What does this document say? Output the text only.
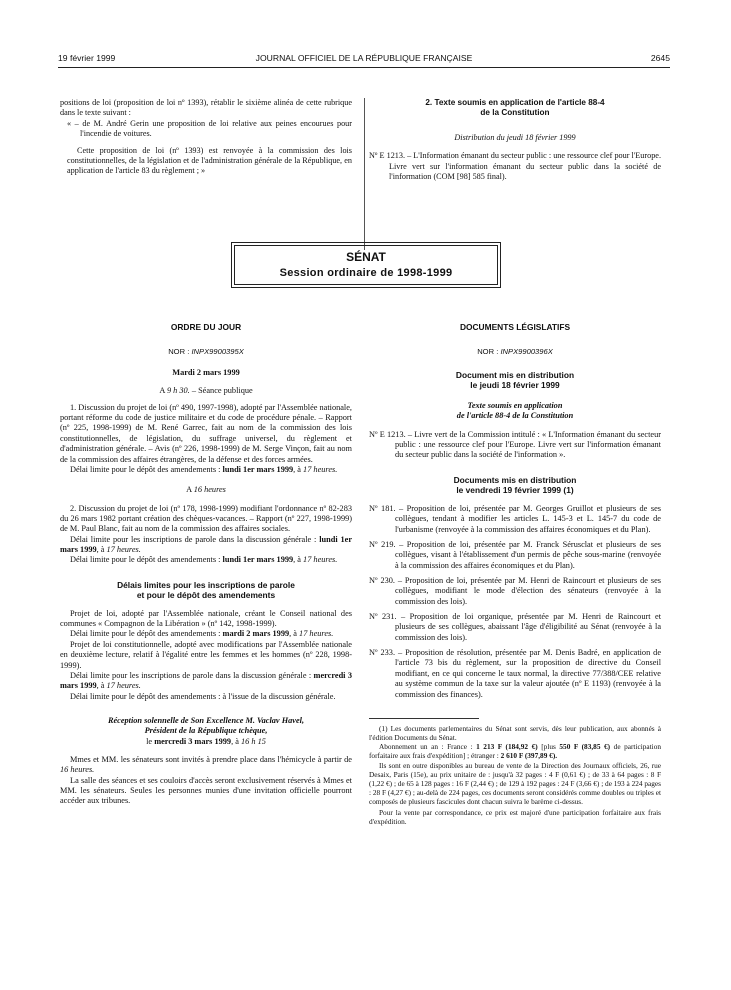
19 février 1999	JOURNAL OFFICIEL DE LA RÉPUBLIQUE FRANÇAISE	2645

positions de loi (proposition de loi nº 1393), rétablir le sixième alinéa de cette rubrique dans le texte suivant :

« – de M. André Gerin une proposition de loi relative aux peines encourues pour l'incendie de voitures.

Cette proposition de loi (nº 1393) est renvoyée à la commission des lois constitutionnelles, de la législation et de l'administration générale de la République, en application de l'article 83 du règlement ; »

2. Texte soumis en application de l'article 88-4
de la Constitution

Distribution du jeudi 18 février 1999

Nº E 1213. – L'Information émanant du secteur public : une ressource clef pour l'Europe. Livre vert sur l'information émanant du secteur public dans la société de l'information (COM [98] 585 final).

SÉNAT
Session ordinaire de 1998-1999
ORDRE DU JOUR
NOR : INPX9900395X
Mardi 2 mars 1999
A 9 h 30. – Séance publique

1. Discussion du projet de loi (nº 490, 1997-1998), adopté par l'Assemblée nationale, portant réforme du code de justice militaire et du code de procédure pénale. – Rapport (nº 225, 1998-1999) de M. René Garrec, fait au nom de la commission des lois constitutionnelles, de législation, du suffrage universel, du règlement et d'administration générale. – Avis (nº 226, 1998-1999) de M. Serge Vinçon, fait au nom de la commission des affaires étrangères, de la défense et des forces armées.

Délai limite pour le dépôt des amendements : lundi 1er mars 1999, à 17 heures.

A 16 heures

2. Discussion du projet de loi (nº 178, 1998-1999) modifiant l'ordonnance nº 82-283 du 26 mars 1982 portant création des chèques-vacances. – Rapport (nº 227, 1998-1999) de M. Paul Blanc, fait au nom de la commission des affaires sociales.

Délai limite pour les inscriptions de parole dans la discussion générale : lundi 1er mars 1999, à 17 heures.

Délai limite pour le dépôt des amendements : lundi 1er mars 1999, à 17 heures.

Délais limites pour les inscriptions de parole
et pour le dépôt des amendements

Projet de loi, adopté par l'Assemblée nationale, créant le Conseil national des communes « Compagnon de la Libération » (nº 142, 1998-1999).

Délai limite pour le dépôt des amendements : mardi 2 mars 1999, à 17 heures.

Projet de loi constitutionnelle, adopté avec modifications par l'Assemblée nationale en deuxième lecture, relatif à l'égalité entre les femmes et les hommes (nº 228, 1998-1999).

Délai limite pour les inscriptions de parole dans la discussion générale : mercredi 3 mars 1999, à 17 heures.

Délai limite pour le dépôt des amendements : à l'issue de la discussion générale.

Réception solennelle de Son Excellence M. Vaclav Havel,
Président de la République tchèque,
le mercredi 3 mars 1999, à 16 h 15

Mmes et MM. les sénateurs sont invités à prendre place dans l'hémicycle à partir de 16 heures.

La salle des séances et ses couloirs d'accès seront exclusivement réservés à Mmes et MM. les sénateurs. Seules les personnes munies d'une invitation officielle pourront accéder aux tribunes.

DOCUMENTS LÉGISLATIFS
NOR : INPX9900396X
Document mis en distribution
le jeudi 18 février 1999
Texte soumis en application
de l'article 88-4 de la Constitution

Nº E 1213. – Livre vert de la Commission intitulé : « L'Information émanant du secteur public : une ressource clef pour l'Europe. Livre vert sur l'information émanant du secteur public dans la société de l'information ».

Documents mis en distribution
le vendredi 19 février 1999 (1)

Nº 181. – Proposition de loi, présentée par M. Georges Gruillot et plusieurs de ses collègues, tendant à modifier les articles L. 145-3 et L. 145-7 du code de l'urbanisme (renvoyée à la commission des affaires économiques et du Plan).

Nº 219. – Proposition de loi, présentée par M. Franck Sérusclat et plusieurs de ses collègues, visant à l'établissement d'un permis de pêche sous-marine (renvoyée à la commission des affaires économiques et du Plan).

Nº 230. – Proposition de loi, présentée par M. Henri de Raincourt et plusieurs de ses collègues, modifiant le mode d'élection des sénateurs (renvoyée à la commission des lois).

Nº 231. – Proposition de loi organique, présentée par M. Henri de Raincourt et plusieurs de ses collègues, abaissant l'âge d'éligibilité au Sénat (renvoyée à la commission des lois).

Nº 233. – Proposition de résolution, présentée par M. Denis Badré, en application de l'article 73 bis du règlement, sur la proposition de directive du Conseil modifiant, en ce qui concerne le taux normal, la directive 77/388/CEE relative au système commun de la taxe sur la valeur ajoutée (nº E 1193) (renvoyée à la commission des finances).

(1) Les documents parlementaires du Sénat sont servis, dès leur publication, aux abonnés à l'édition Documents du Sénat.

Abonnement un an : France : 1 213 F (184,92 €) [plus 550 F (83,85 €) de participation forfaitaire aux frais d'expédition] ; étranger : 2 610 F (397,89 €).

Ils sont en outre disponibles au bureau de vente de la Direction des Journaux officiels, 26, rue Desaix, Paris (15e), au prix unitaire de : jusqu'à 32 pages : 4 F (0,61 €) ; de 33 à 64 pages : 8 F (1,22 €) ; de 65 à 128 pages : 16 F (2,44 €) ; de 129 à 192 pages : 24 F (3,66 €) ; de 193 à 224 pages : 28 F (4,27 €) ; au-delà de 224 pages, ces documents seront considérés comme doubles ou triples et composés de plusieurs fascicules dont chacun suivra le barème ci-dessus.

Pour la vente par correspondance, ce prix est majoré d'une participation forfaitaire aux frais d'expédition.
